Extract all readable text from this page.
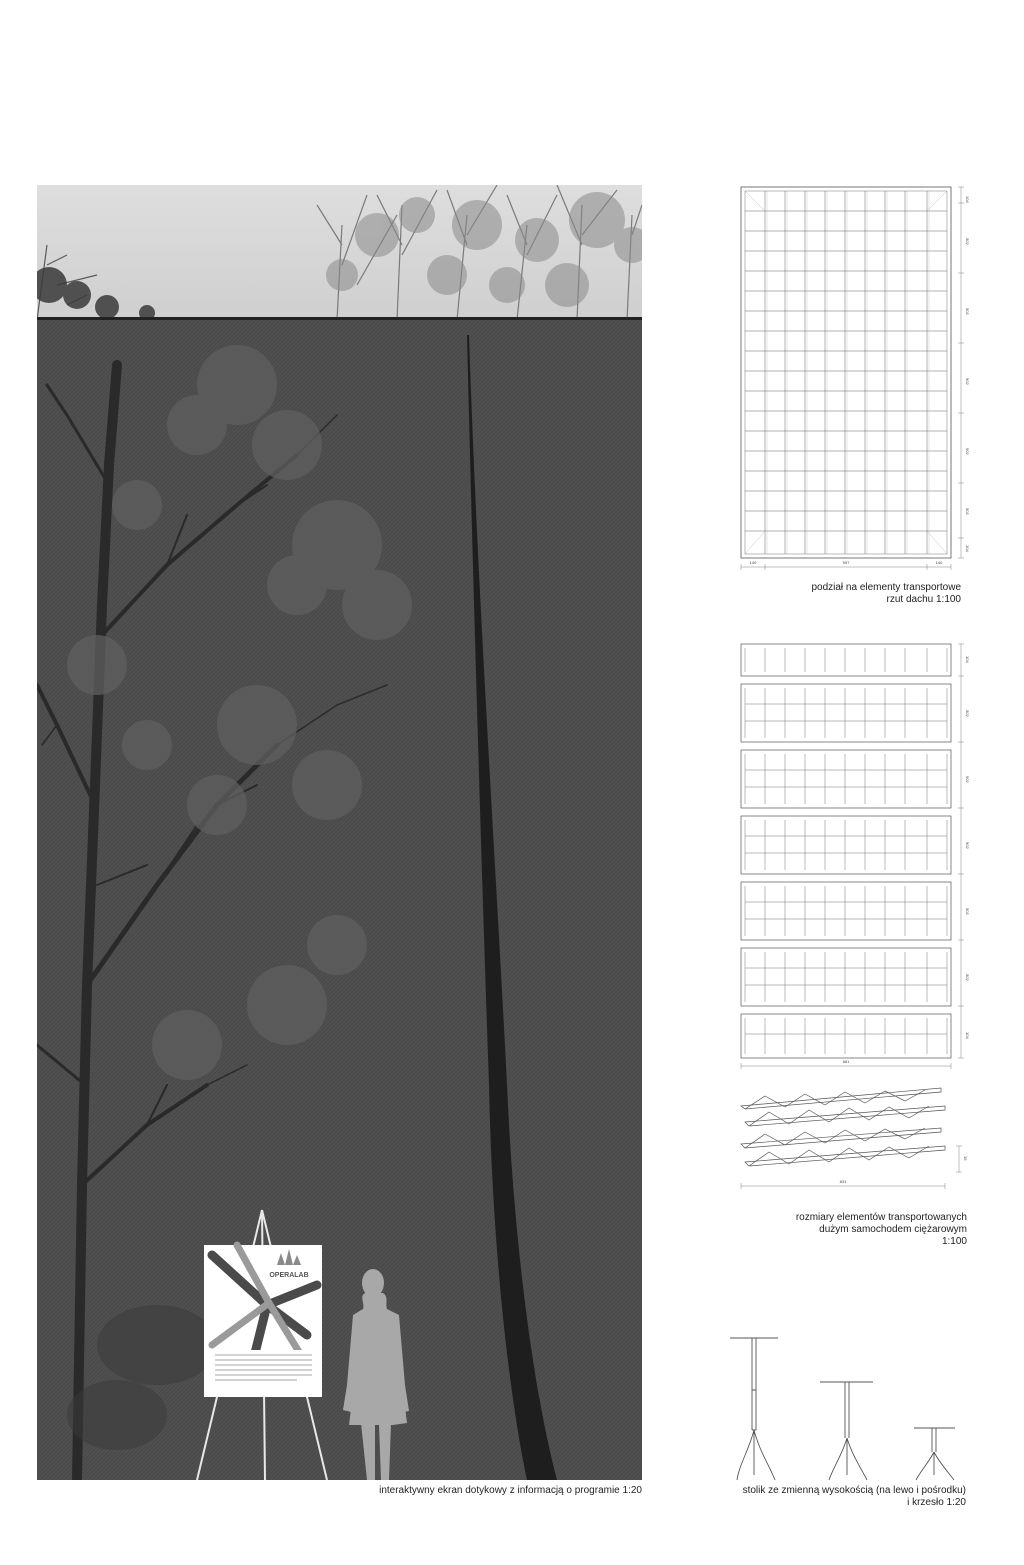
OPERALAB
140	597	140
104
502
502
502
502
502
104
podział na elementy transportowe
rzut dachu 1:100
881
104
502
502
502
502
502
104
831
15
rozmiary elementów transportowanych
dużym samochodem ciężarowym
1:100
stolik ze zmienną wysokością (na lewo i pośrodku)
i krzesło 1:20
interaktywny ekran dotykowy z informacją o programie 1:20
